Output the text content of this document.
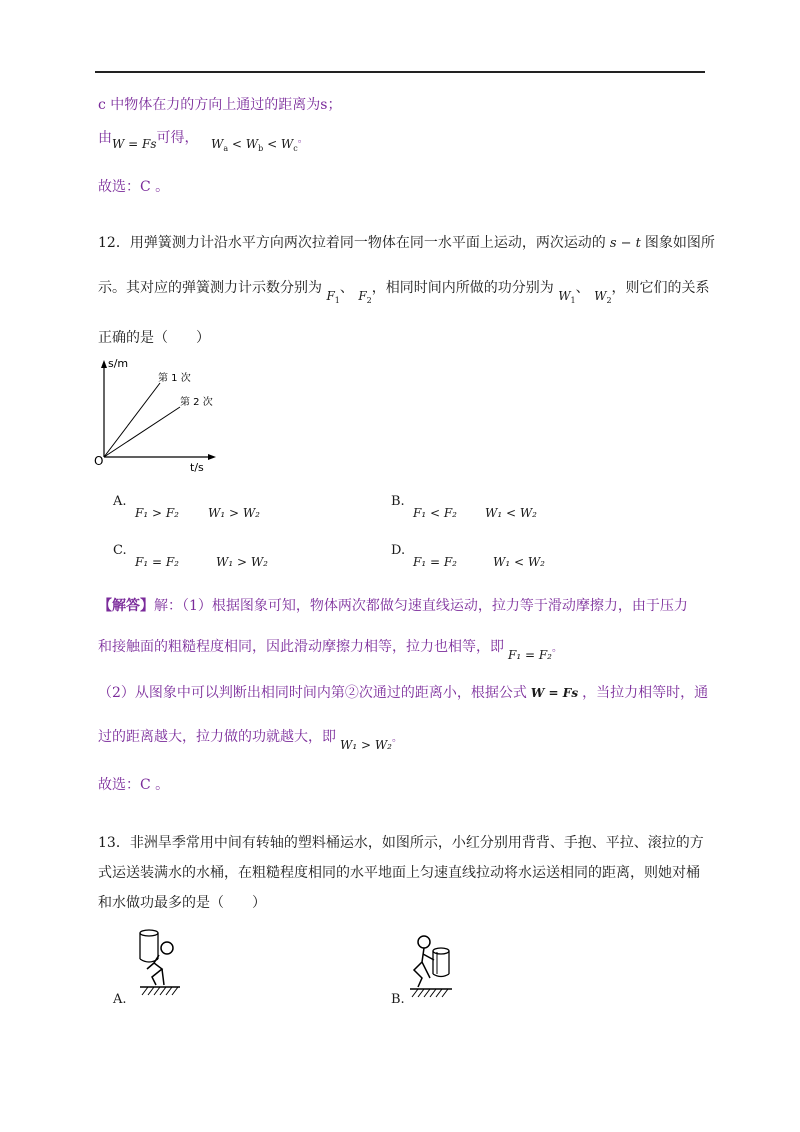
c 中物体在力的方向上通过的距离为s；
由W = Fs可得， $W_a < W_b < W_c$。
故选：C 。
12．用弹簧测力计沿水平方向两次拉着同一物体在同一水平面上运动，两次运动的 s − t 图象如图所
示。其对应的弹簧测力计示数分别为 $F_1$、 $F_2$，相同时间内所做的功分别为 $W_1$、 $W_2$，则它们的关系
正确的是（　　）
s/m
O	t/s
第 1 次
第 2 次
A.
F₁ > F₂	W₁ > W₂
B.
F₁ < F₂	W₁ < W₂
C.
F₁ = F₂	W₁ > W₂
D.
F₁ = F₂	W₁ < W₂
【解答】解：（1）根据图象可知，物体两次都做匀速直线运动，拉力等于滑动摩擦力，由于压力
和接触面的粗糙程度相同，因此滑动摩擦力相等，拉力也相等，即 F₁ = F₂。
（2）从图象中可以判断出相同时间内第②次通过的距离小，根据公式 W = Fs ，当拉力相等时，通
过的距离越大，拉力做的功就越大，即 W₁ > W₂。
故选：C 。
13．非洲旱季常用中间有转轴的塑料桶运水，如图所示，小红分别用背背、手抱、平拉、滚拉的方
式运送装满水的水桶，在粗糙程度相同的水平地面上匀速直线拉动将水运送相同的距离，则她对桶
和水做功最多的是（　　）
A.	B.
